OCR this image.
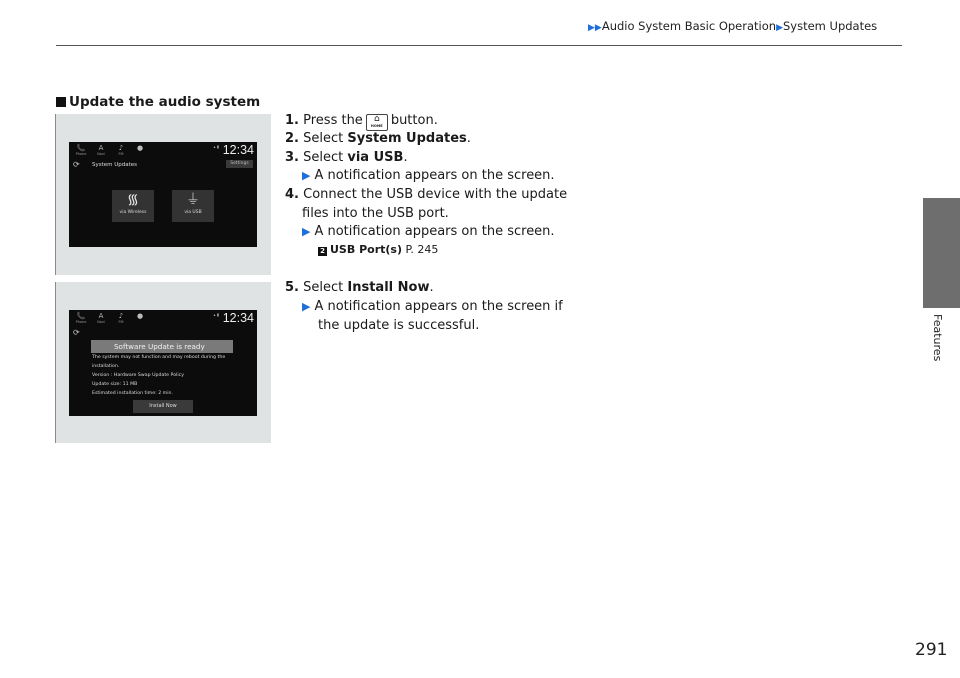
▶▶Audio System Basic Operation▶System Updates
Features
Update the audio system
📞
Phone
A
Navi
♪
FM
●	▴ ▮ 12:34
⟳ System Updates	Settings
᯾
via Wireless
⏚
via USB
📞
Phone
A
Navi
♪
FM
●	▴ ▮ 12:34
⟳
Software Update is ready
The system may not function and may reboot during the
installation.
Version : Hardware Swap Update Policy
Update size: 11 MB
Estimated installation time: 2 min.
Install Now
1. Press the ⌂
HOME button.
2. Select System Updates.
3. Select via USB.
▶ A notification appears on the screen.
4. Connect the USB device with the update
files into the USB port.
▶ A notification appears on the screen.
2 USB Port(s) P. 245
5. Select Install Now.
▶ A notification appears on the screen if
the update is successful.
291
